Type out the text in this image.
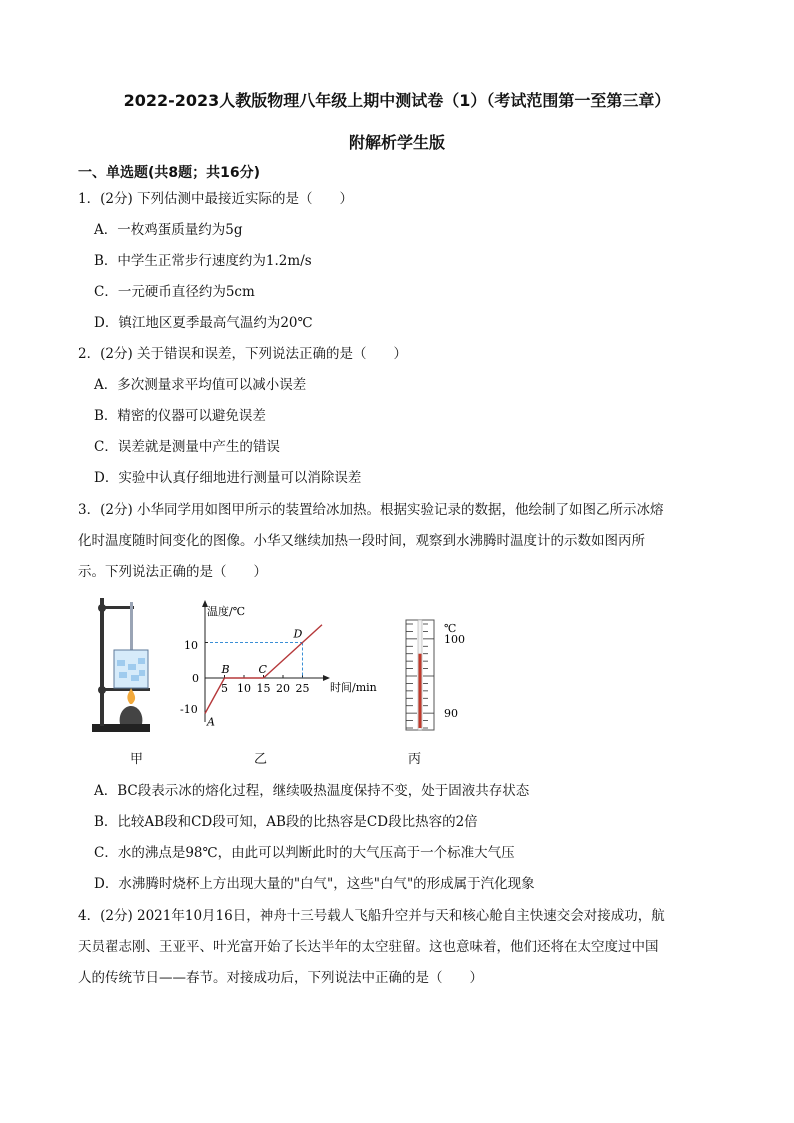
2022-2023人教版物理八年级上期中测试卷（1）（考试范围第一至第三章）
附解析学生版
一、单选题(共8题；共16分)
1．(2分) 下列估测中最接近实际的是（　　）
A．一枚鸡蛋质量约为5g
B．中学生正常步行速度约为1.2m/s
C．一元硬币直径约为5cm
D．镇江地区夏季最高气温约为20℃
2．(2分) 关于错误和误差，下列说法正确的是（　　）
A．多次测量求平均值可以减小误差
B．精密的仪器可以避免误差
C．误差就是测量中产生的错误
D．实验中认真仔细地进行测量可以消除误差
3．(2分) 小华同学用如图甲所示的装置给冰加热。根据实验记录的数据，他绘制了如图乙所示冰熔
化时温度随时间变化的图像。小华又继续加热一段时间，观察到水沸腾时温度计的示数如图丙所
示。下列说法正确的是（　　）
甲
温度/℃
时间/min
0
10
-10
5 10 15 20 25
A
B	C
D
乙
℃
100
90
丙
A．BC段表示冰的熔化过程，继续吸热温度保持不变，处于固液共存状态
B．比较AB段和CD段可知，AB段的比热容是CD段比热容的2倍
C．水的沸点是98℃，由此可以判断此时的大气压高于一个标准大气压
D．水沸腾时烧杯上方出现大量的"白气"，这些"白气"的形成属于汽化现象
4．(2分) 2021年10月16日，神舟十三号载人飞船升空并与天和核心舱自主快速交会对接成功，航
天员翟志刚、王亚平、叶光富开始了长达半年的太空驻留。这也意味着，他们还将在太空度过中国
人的传统节日——春节。对接成功后，下列说法中正确的是（　　）
